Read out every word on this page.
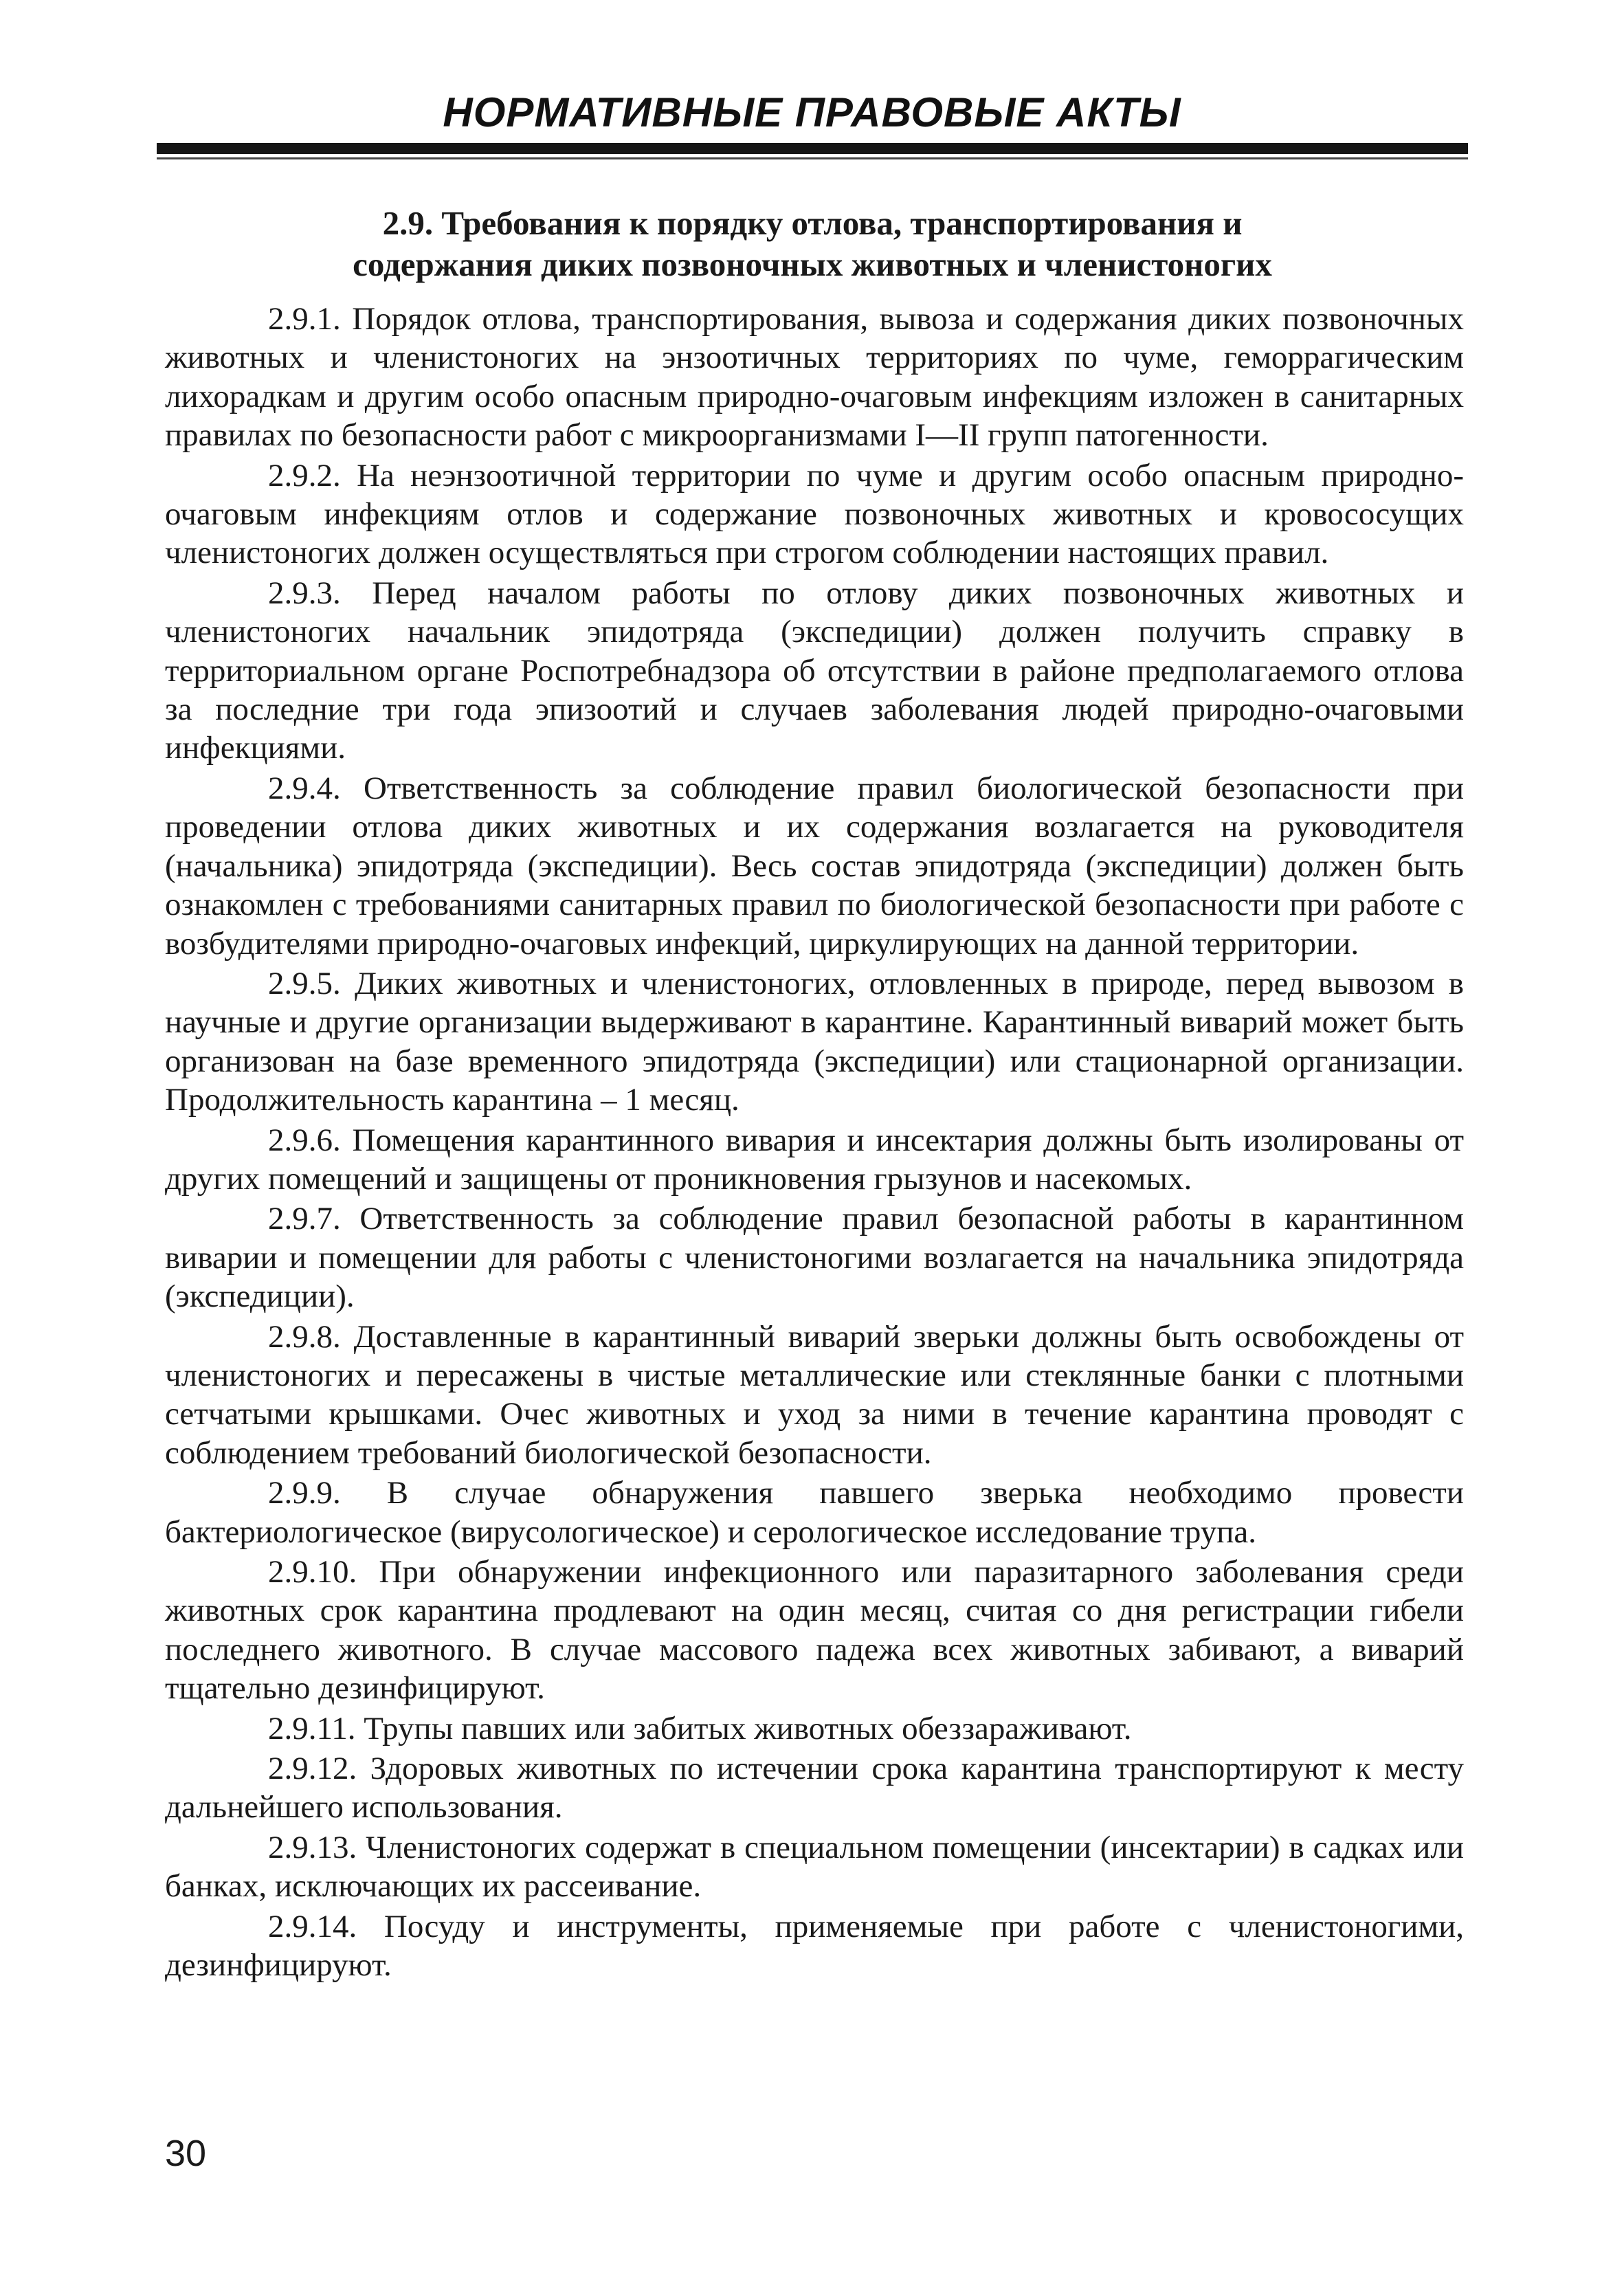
НОРМАТИВНЫЕ ПРАВОВЫЕ АКТЫ
2.9. Требования к порядку отлова, транспортирования и
содержания диких позвоночных животных и членистоногих

2.9.1. Порядок отлова, транспортирования, вывоза и содержания диких позвоночных животных и членистоногих на энзоотичных территориях по чуме, геморрагическим лихорадкам и другим особо опасным природно-очаговым инфекциям изложен в санитарных правилах по безопасности работ с микроорганизмами I—II групп патогенности.

2.9.2. На неэнзоотичной территории по чуме и другим особо опасным природно-очаговым инфекциям отлов и содержание позвоночных животных и кровососущих членистоногих должен осуществляться при строгом соблюдении настоящих правил.

2.9.3. Перед началом работы по отлову диких позвоночных животных и членистоногих начальник эпидотряда (экспедиции) должен получить справку в территориальном органе Роспотребнадзора об отсутствии в районе предполагаемого отлова за последние три года эпизоотий и случаев заболевания людей природно-очаговыми инфекциями.

2.9.4. Ответственность за соблюдение правил биологической безопасности при проведении отлова диких животных и их содержания возлагается на руководителя (начальника) эпидотряда (экспедиции). Весь состав эпидотряда (экспедиции) должен быть ознакомлен с требованиями санитарных правил по биологической безопасности при работе с возбудителями природно-очаговых инфекций, циркулирующих на данной территории.

2.9.5. Диких животных и членистоногих, отловленных в природе, перед вывозом в научные и другие организации выдерживают в карантине. Карантинный виварий может быть организован на базе временного эпидотряда (экспедиции) или стационарной организации. Продолжительность карантина – 1 месяц.

2.9.6. Помещения карантинного вивария и инсектария должны быть изолированы от других помещений и защищены от проникновения грызунов и насекомых.

2.9.7. Ответственность за соблюдение правил безопасной работы в карантинном виварии и помещении для работы с членистоногими возлагается на начальника эпидотряда (экспедиции).

2.9.8. Доставленные в карантинный виварий зверьки должны быть освобождены от членистоногих и пересажены в чистые металлические или стеклянные банки с плотными сетчатыми крышками. Очес животных и уход за ними в течение карантина проводят с соблюдением требований биологической безопасности.

2.9.9. В случае обнаружения павшего зверька необходимо провести бактериологическое (вирусологическое) и серологическое исследование трупа.

2.9.10. При обнаружении инфекционного или паразитарного заболевания среди животных срок карантина продлевают на один месяц, считая со дня регистрации гибели последнего животного. В случае массового падежа всех животных забивают, а виварий тщательно дезинфицируют.

2.9.11. Трупы павших или забитых животных обеззараживают.

2.9.12. Здоровых животных по истечении срока карантина транспортируют к месту дальнейшего использования.

2.9.13. Членистоногих содержат в специальном помещении (инсектарии) в садках или банках, исключающих их рассеивание.

2.9.14. Посуду и инструменты, применяемые при работе с членистоногими, дезинфицируют.

30
